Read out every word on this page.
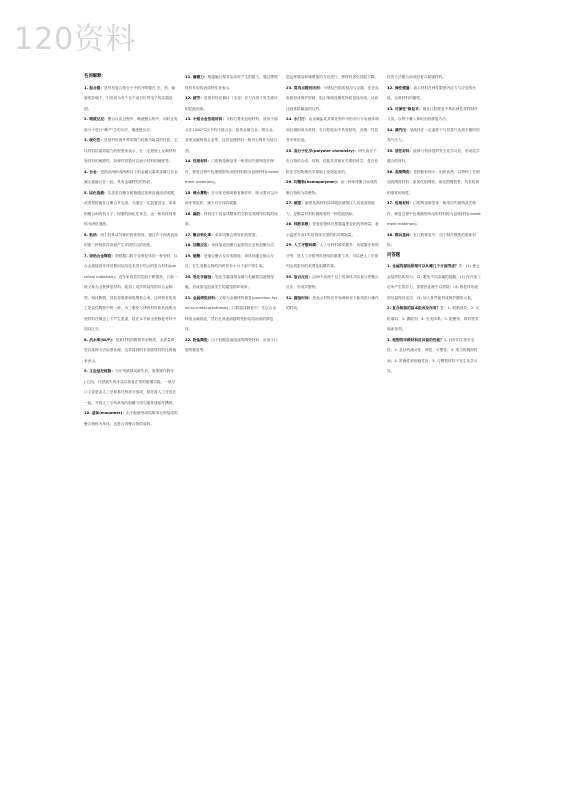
120资料

名词解释：

1. 混合器：是有机复合物分子中的开附键在 光、热、辐射的影响下，引发成为有个含不成对价带电子的活器放团。

2. 唾液反应：聚合反应过程中，唾液聚合物中，同时还有胶分子进行"唾产"生的反应，唾液链反应。

3. 硬化性：是指材料被外界切削力转换为能量的性质。它以材料抗破坏能力的程度来表示，在一定程度上反映材料所具有的耐磨性，如弹性常数可以表示材料的硬度等。

4. 合金：是指由两种或两种以上的金属元素或金属与非金属元素融合在一起，具有金属特性的物质。

5. 固化溶液：实质是以聚合树脂通过某种溶液浸渍成膜，或者是树脂在注聚合并完成，为通过一定装置设定、单体的聚合和有机分子，树脂的固化在常态、达一般具体现象称为固化速度。

6. 粘结：两个同种或异种的固体物体，通过介于两者表面的第三种物质作用而产生牢固结合的现象。

7. 烧结合金陶瓷：指根据口腔专业修复体的一种瓷料，以合金熔接到牙体后利用烧结技术进行结合的复合材料(porcelain materials)。近年来同类的性能不断提高，日新一般又称为全瓷修复材料，能加工成多种烧结形状合金陶瓷。相比陶瓷，其抗弯强度和电陶瓷合成，这种瓷材的加工是烧结陶瓷中的一种，为了避免与烤瓷材料和其他的全瓷材料在概念上不产生混淆，故在本节和全瓷修复材料中加以区分。

8. 抗水率(W/P)：是某材料的吸附作用程度，水质量浓度以某种方法标准处理，这样得到的水溶胀材料的比例值来表示。

9. 义齿基托树脂：当牙列缺损或缺失后，需要制作假牙(义齿)，代替缺失的牙齿以恢复正常的咀嚼功能，一般分口义齿是由人工牙和基托两部分组成，基托将人工牙连在一起，并将人工牙所承受的咀嚼力均匀地传递给牙槽骨。

10. 基体(monomer)：由于能够形成结构单元所组成的聚合物称为单体，也是合成聚合物的原料。

11. 磨擦力：相接触与相对运动时产生的阻力，通过摩擦材料作用的表面特性来表示。

12. 疲劳：是指材料在循环（交变）应力作用下发生破坏的性能现象。

13. 中熔合金包埋材料：又称石膏类包埋材料，适用于熔点在1000°C以下的中熔合金，如贵金属合金、银合金、非贵金属铸造合金等，这类包埋材料一般用石膏作为结合剂。

14. 包埋材料：口腔铸造修复体一般采用失蜡铸造法制作，修复过程中包埋蜡型所用的材料称为包埋材料(investment materials)。

15. 喷水雾粉：在牙体充填或修复操作时，喷水雾可以冷却牙体组织，减少对牙体的刺激。

16. 凝胶：材料由于局部或整体的交联变成网络结构的现象。

17. 聚合转化率：单体向聚合物转化的程度。

18. 加聚反应：单体加成而聚合起来的反应称加聚反应。

19. 缩聚：是缩合聚合反应的简称，单体间通过缩合反应，在生成聚合物的同时伴有小分子副产物生成。

20. 电化学腐蚀：电化学腐蚀指金属与电解质溶液相接触，形成原电池而发生的腐蚀损坏现象。

21. 金属烤瓷材料：又称为金属烤瓷修复(porcelain-fused-to-metal-prosthesis)，口腔临床修复中，先以合金铸造金属基底，然后在其表面熔附瓷粉烧结而成的修复体。

22. 粉盐陶瓷：由于硅酸盐而组成的陶瓷材料，可用于口腔的修复等。

混乱度增加和熵增加的方向进行，使材料老化性能下降。

23. 窝沟点隙封闭剂：可堵住凹陷的窝沟与点隙，在牙齿表面形成保护屏障，阻止细菌及酸性物质侵蚀牙面，从而达到预防龋齿的目的。

24. 水门汀：由金属盐或其氧化物作为粉剂与专用液体调和后凝固成为材料，在口腔临床中具有粘结、充填、衬层等多种用途。

25. 高分子化学(polymer chemistry)：研究高分子化合物的合成、结构、性能及其相互关系的科学，是在有机化学和物理化学基础上发展起来的。

26. 均聚物(homopolymer)：由一种单体聚合而成的聚合物称为均聚物。

27. 硬度：硬度是指材料局部抵抗硬物压入其表面的能力，是衡量材料软硬程度的一种性能指标。

28. 线胀系数：是表征物体长度随温度变化的物理量，表示温度升高1℃时物体长度的相对增加量。

29. 人工牙塑料模：人工牙材料种类繁多，有树脂牙和瓷牙等，是人工牙排列时使用的重要工具，可以使人工牙排列达到更好的美观及咀嚼效果。

30. 复合反应：由两个或两个以上的单体共同参与的聚合反应，形成共聚物。

31. 腐蚀时间：是表示材料在开始调和至不能再进行操作的时间。

性的方法聚合而成的复合树脂材料。

32. 弹性模量：表示材料在弹性限度内应力与应变的比值，反映材料的刚性。

33. 可弹性"修复术：指在口腔修复中利用弹性材料制作义齿，以利于戴入和取出的修复方法。

34. 蒸汽压：某液体在一定温度下与其蒸气达到平衡时的蒸气压力。

35. 活性材料：能够与机体组织发生化学反应，形成化学键合的材料。

36. 高细陶瓷：是指粉粒细小、组织致密，以特种工艺制造的陶瓷材料，如氧化铝陶瓷、氧化锆陶瓷等，具有较高的强度和韧性。

37. 包埋材料：口腔铸造修复体一般采用失蜡铸造法制作，修复过程中包埋蜡型所用的材料称为包埋材料(investment materials)。

38. 模具基体：在口腔修复中，用于制作模型的基体材料。

问答题

1. 金属的腐蚀原理可以从哪几个方面考虑？答：(1) 使合金组织结构均匀；(2) 避免不同金属的接触；(3) 经冷加工后所产生的应力，需要热处理予以消除；(4) 修复体的表面尽量保持光洁；(5) 加入某些能形成保护膜的元素。

2. 复合树脂的基本组成及作用？答：1. 树脂基质；2. 无机填料；3. 偶联剂；4. 引发体系；5. 阻聚剂、颜料等其他添加剂。

3. 理想的印模材料应具备的性能？1. 良好的生物安全性；2. 良好的流动性、弹性、可塑性；3. 适当的凝固时间；4. 准确性和形稳性好；5. 与模型材料不发生化学反应。
